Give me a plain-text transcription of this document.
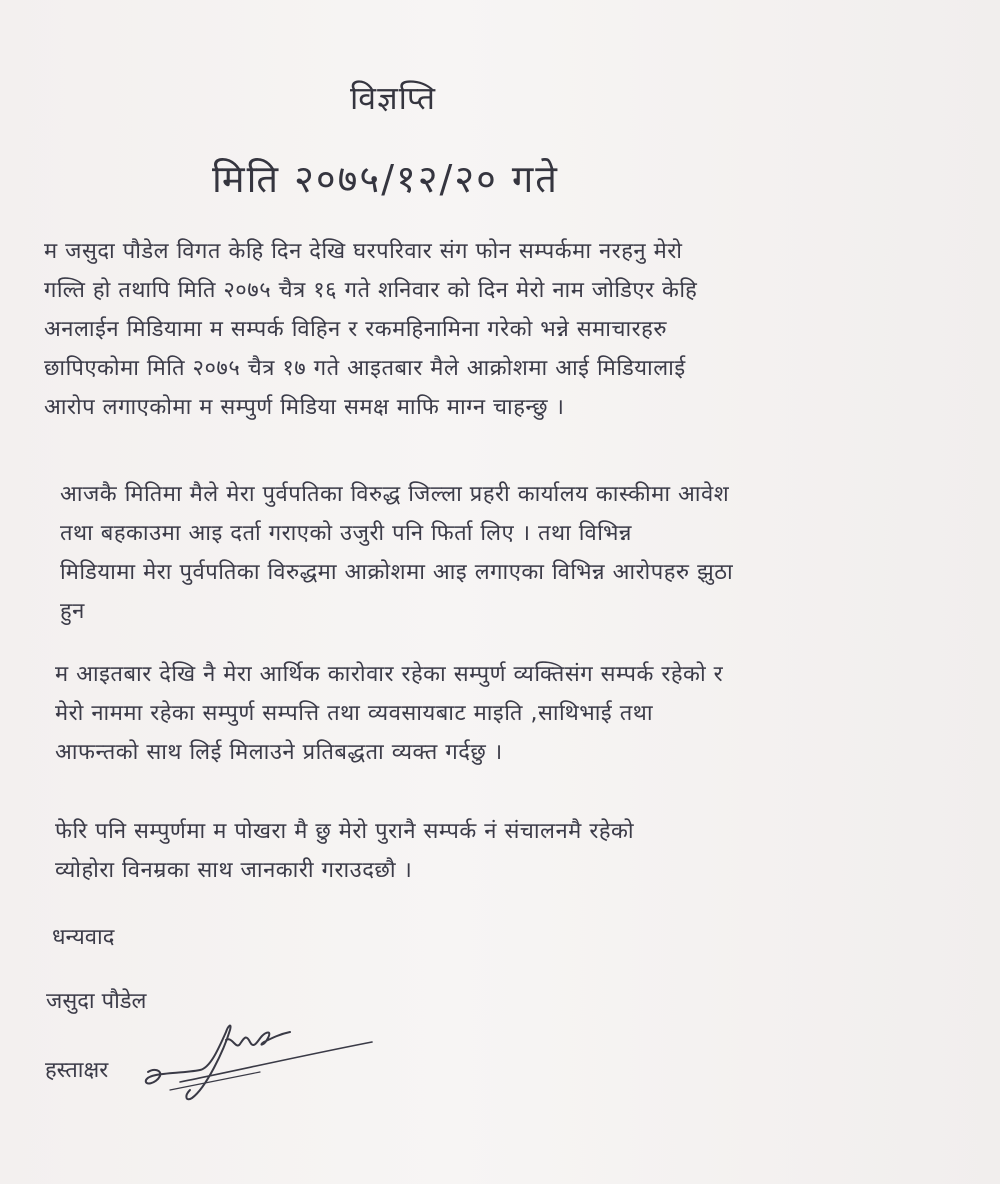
विज्ञप्ति
मिति २०७५/१२/२० गते
म जसुदा पौडेल विगत केहि दिन देखि घरपरिवार संग फोन सम्पर्कमा नरहनु मेरो
गल्ति हो तथापि मिति २०७५ चैत्र १६ गते शनिवार को दिन मेरो नाम जोडिएर केहि
अनलाईन मिडियामा म सम्पर्क विहिन र रकमहिनामिना गरेको भन्ने समाचारहरु
छापिएकोमा मिति २०७५ चैत्र १७ गते आइतबार मैले आक्रोशमा आई मिडियालाई
आरोप लगाएकोमा म सम्पुर्ण मिडिया समक्ष माफि माग्न चाहन्छु ।
आजकै मितिमा मैले मेरा पुर्वपतिका विरुद्ध जिल्ला प्रहरी कार्यालय कास्कीमा आवेश
तथा बहकाउमा आइ दर्ता गराएको उजुरी पनि फिर्ता लिए । तथा विभिन्न
मिडियामा मेरा पुर्वपतिका विरुद्धमा आक्रोशमा आइ लगाएका विभिन्न आरोपहरु झुठा
हुन
म आइतबार देखि नै मेरा आर्थिक कारोवार रहेका सम्पुर्ण व्यक्तिसंग सम्पर्क रहेको र
मेरो नाममा रहेका सम्पुर्ण सम्पत्ति तथा व्यवसायबाट माइति ,साथिभाई तथा
आफन्तको साथ लिई मिलाउने प्रतिबद्धता व्यक्त गर्दछु ।
फेरि पनि सम्पुर्णमा म पोखरा मै छु मेरो पुरानै सम्पर्क नं संचालनमै रहेको
व्योहोरा विनम्रका साथ जानकारी गराउदछौ ।
धन्यवाद
जसुदा पौडेल
हस्ताक्षर
